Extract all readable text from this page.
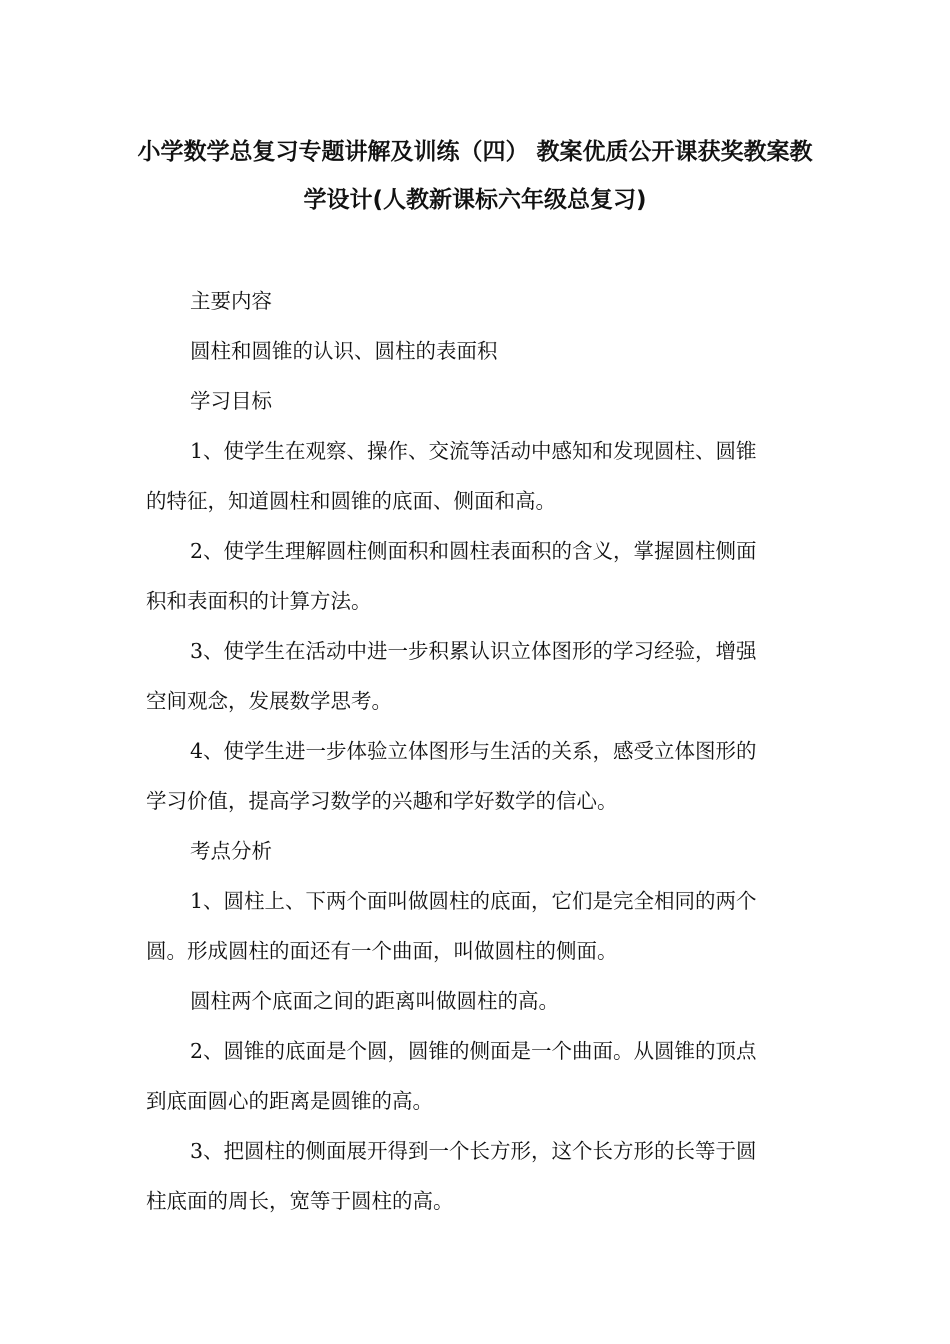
小学数学总复习专题讲解及训练（四） 教案优质公开课获奖教案教
学设计(人教新课标六年级总复习)
主要内容
圆柱和圆锥的认识、圆柱的表面积
学习目标
1、使学生在观察、操作、交流等活动中感知和发现圆柱、圆锥
的特征，知道圆柱和圆锥的底面、侧面和高。
2、使学生理解圆柱侧面积和圆柱表面积的含义，掌握圆柱侧面
积和表面积的计算方法。
3、使学生在活动中进一步积累认识立体图形的学习经验，增强
空间观念，发展数学思考。
4、使学生进一步体验立体图形与生活的关系，感受立体图形的
学习价值，提高学习数学的兴趣和学好数学的信心。
考点分析
1、圆柱上、下两个面叫做圆柱的底面，它们是完全相同的两个
圆。形成圆柱的面还有一个曲面，叫做圆柱的侧面。
圆柱两个底面之间的距离叫做圆柱的高。
2、圆锥的底面是个圆，圆锥的侧面是一个曲面。从圆锥的顶点
到底面圆心的距离是圆锥的高。
3、把圆柱的侧面展开得到一个长方形，这个长方形的长等于圆
柱底面的周长，宽等于圆柱的高。
